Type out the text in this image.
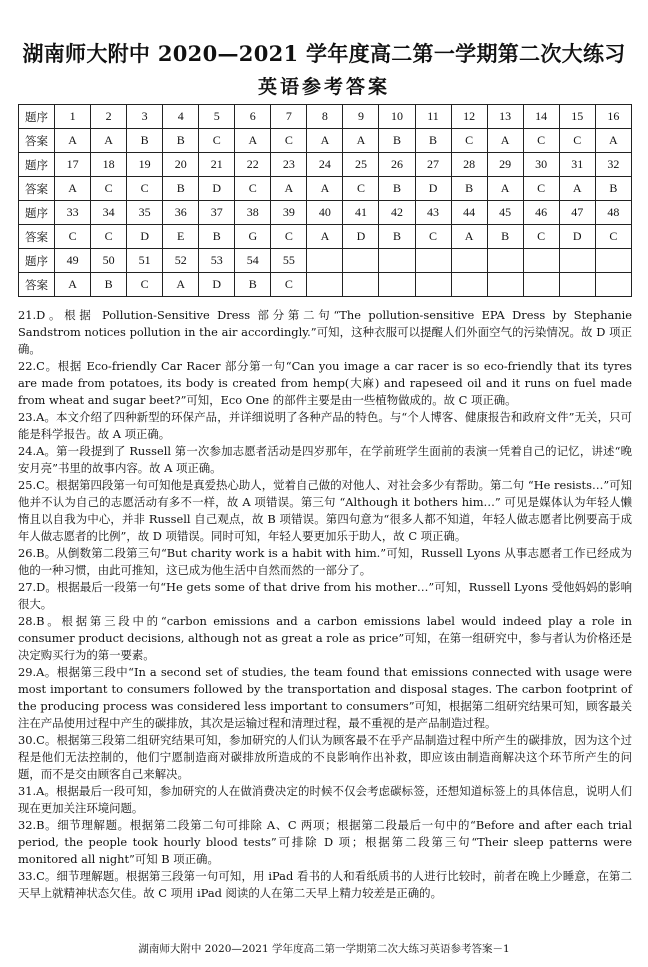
湖南师大附中 2020—2021 学年度高二第一学期第二次大练习
英语参考答案
题序	1	2	3	4	5	6	7	8	9	10	11	12	13	14	15	16
答案	A	A	B	B	C	A	C	A	A	B	B	C	A	C	C	A
题序	17	18	19	20	21	22	23	24	25	26	27	28	29	30	31	32
答案	A	C	C	B	D	C	A	A	C	B	D	B	A	C	A	B
题序	33	34	35	36	37	38	39	40	41	42	43	44	45	46	47	48
答案	C	C	D	E	B	G	C	A	D	B	C	A	B	C	D	C
题序	49	50	51	52	53	54	55									
答案	A	B	C	A	D	B	C									

21.D。根据 Pollution-Sensitive Dress 部分第二句“The pollution-sensitive EPA Dress by Stephanie Sandstrom notices pollution in the air accordingly.”可知，这种衣服可以提醒人们外面空气的污染情况。故 D 项正确。

22.C。根据 Eco-friendly Car Racer 部分第一句“Can you image a car racer is so eco-friendly that its tyres are made from potatoes, its body is created from hemp(大麻) and rapeseed oil and it runs on fuel made from wheat and sugar beet?”可知，Eco One 的部件主要是由一些植物做成的。故 C 项正确。

23.A。本文介绍了四种新型的环保产品，并详细说明了各种产品的特色。与“个人博客、健康报告和政府文件”无关，只可能是科学报告。故 A 项正确。

24.A。第一段提到了 Russell 第一次参加志愿者活动是四岁那年，在学前班学生面前的表演一凭着自己的记忆，讲述“晚安月亮”书里的故事内容。故 A 项正确。

25.C。根据第四段第一句可知他是真爱热心助人，觉着自己做的对他人、对社会多少有帮助。第二句 “He resists…”可知他并不认为自己的志愿活动有多不一样，故 A 项错误。第三句 “Although it bothers him…” 可见是媒体认为年轻人懒惰且以自我为中心，并非 Russell 自己观点，故 B 项错误。第四句意为“很多人都不知道，年轻人做志愿者比例要高于成年人做志愿者的比例”，故 D 项错误。同时可知，年轻人要更加乐于助人，故 C 项正确。

26.B。从倒数第二段第三句“But charity work is a habit with him.”可知，Russell Lyons 从事志愿者工作已经成为他的一种习惯，由此可推知，这已成为他生活中自然而然的一部分了。

27.D。根据最后一段第一句“He gets some of that drive from his mother…”可知，Russell Lyons 受他妈妈的影响很大。

28.B。根据第三段中的“carbon emissions and a carbon emissions label would indeed play a role in consumer product decisions, although not as great a role as price”可知，在第一组研究中，参与者认为价格还是决定购买行为的第一要素。

29.A。根据第三段中“In a second set of studies, the team found that emissions connected with usage were most important to consumers followed by the transportation and disposal stages. The carbon footprint of the producing process was considered less important to consumers”可知，根据第二组研究结果可知，顾客最关注在产品使用过程中产生的碳排放，其次是运输过程和清理过程，最不重视的是产品制造过程。

30.C。根据第三段第二组研究结果可知，参加研究的人们认为顾客最不在乎产品制造过程中所产生的碳排放，因为这个过程是他们无法控制的，他们宁愿制造商对碳排放所造成的不良影响作出补救，即应该由制造商解决这个环节所产生的问题，而不是交由顾客自己来解决。

31.A。根据最后一段可知，参加研究的人在做消费决定的时候不仅会考虑碳标签，还想知道标签上的具体信息，说明人们现在更加关注环境问题。

32.B。细节理解题。根据第二段第二句可排除 A、C 两项；根据第二段最后一句中的“Before and after each trial period, the people took hourly blood tests”可排除 D 项；根据第二段第三句“Their sleep patterns were monitored all night”可知 B 项正确。

33.C。细节理解题。根据第三段第一句可知，用 iPad 看书的人和看纸质书的人进行比较时，前者在晚上少睡意，在第二天早上就精神状态欠佳。故 C 项用 iPad 阅读的人在第二天早上精力较差是正确的。

湖南师大附中 2020—2021 学年度高二第一学期第二次大练习英语参考答案－1
